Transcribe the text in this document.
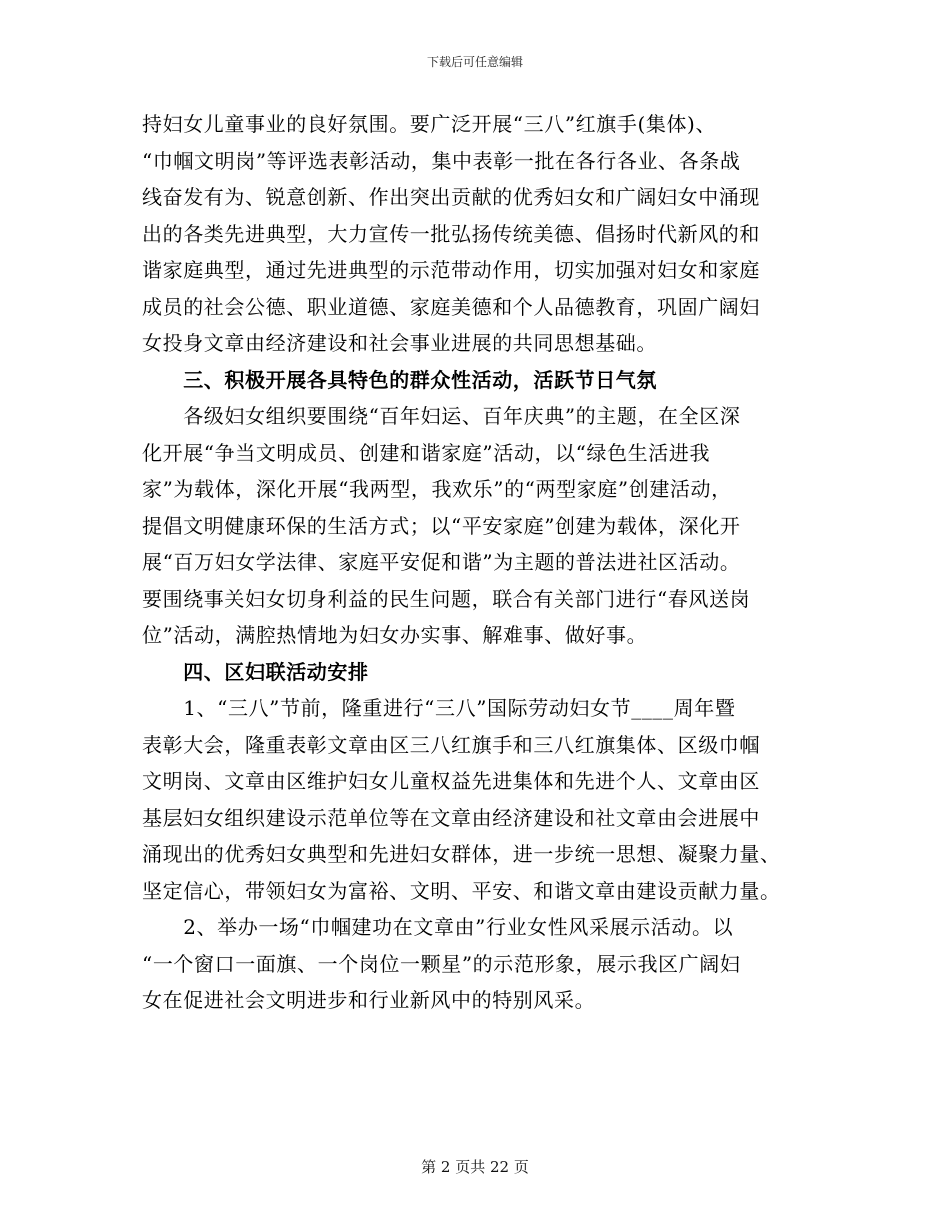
下载后可任意编辑
持妇女儿童事业的良好氛围。要广泛开展“三八”红旗手(集体)、
“巾帼文明岗”等评选表彰活动，集中表彰一批在各行各业、各条战
线奋发有为、锐意创新、作出突出贡献的优秀妇女和广阔妇女中涌现
出的各类先进典型，大力宣传一批弘扬传统美德、倡扬时代新风的和
谐家庭典型，通过先进典型的示范带动作用，切实加强对妇女和家庭
成员的社会公德、职业道德、家庭美德和个人品德教育，巩固广阔妇
女投身文章由经济建设和社会事业进展的共同思想基础。
　　三、积极开展各具特色的群众性活动，活跃节日气氛
　　各级妇女组织要围绕“百年妇运、百年庆典”的主题，在全区深
化开展“争当文明成员、创建和谐家庭”活动，以“绿色生活进我
家”为载体，深化开展“我两型，我欢乐”的“两型家庭”创建活动，
提倡文明健康环保的生活方式；以“平安家庭”创建为载体，深化开
展“百万妇女学法律、家庭平安促和谐”为主题的普法进社区活动。
要围绕事关妇女切身利益的民生问题，联合有关部门进行“春风送岗
位”活动，满腔热情地为妇女办实事、解难事、做好事。
　　四、区妇联活动安排
　　1、“三八”节前，隆重进行“三八”国际劳动妇女节____周年暨
表彰大会，隆重表彰文章由区三八红旗手和三八红旗集体、区级巾帼
文明岗、文章由区维护妇女儿童权益先进集体和先进个人、文章由区
基层妇女组织建设示范单位等在文章由经济建设和社文章由会进展中
涌现出的优秀妇女典型和先进妇女群体，进一步统一思想、凝聚力量、
坚定信心，带领妇女为富裕、文明、平安、和谐文章由建设贡献力量。
　　2、举办一场“巾帼建功在文章由”行业女性风采展示活动。以
“一个窗口一面旗、一个岗位一颗星”的示范形象，展示我区广阔妇
女在促进社会文明进步和行业新风中的特别风采。
第 2 页共 22 页
